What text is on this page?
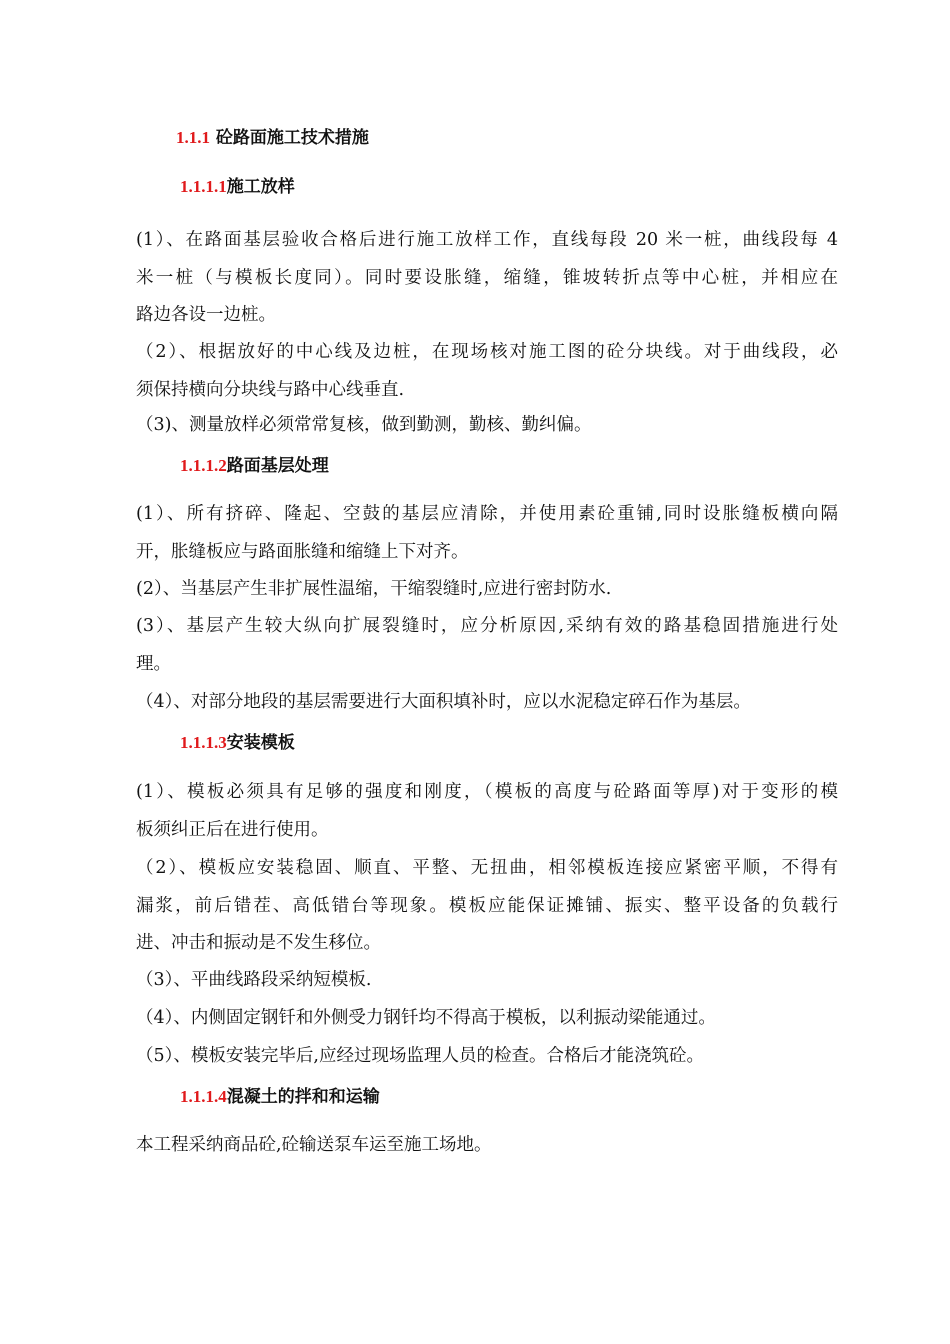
1.1.1 砼路面施工技术措施
1.1.1.1施工放样
(1）、在路面基层验收合格后进行施工放样工作，直线每段 20 米一桩，曲线段每 4
米一桩（与模板长度同）。同时要设胀缝，缩缝，锥坡转折点等中心桩，并相应在
路边各设一边桩。
（2）、根据放好的中心线及边桩，在现场核对施工图的砼分块线。对于曲线段，必
须保持横向分块线与路中心线垂直.
（3)、测量放样必须常常复核，做到勤测，勤核、勤纠偏。
1.1.1.2路面基层处理
(1）、所有挤碎、隆起、空鼓的基层应清除，并使用素砼重铺,同时设胀缝板横向隔
开，胀缝板应与路面胀缝和缩缝上下对齐。
(2）、当基层产生非扩展性温缩，干缩裂缝时,应进行密封防水.
(3）、基层产生较大纵向扩展裂缝时，应分析原因,采纳有效的路基稳固措施进行处
理。
（4）、对部分地段的基层需要进行大面积填补时，应以水泥稳定碎石作为基层。
1.1.1.3安装模板
(1）、模板必须具有足够的强度和刚度，（模板的高度与砼路面等厚)对于变形的模
板须纠正后在进行使用。
（2）、模板应安装稳固、顺直、平整、无扭曲，相邻模板连接应紧密平顺，不得有
漏浆，前后错茬、高低错台等现象。模板应能保证摊铺、振实、整平设备的负载行
进、冲击和振动是不发生移位。
（3）、平曲线路段采纳短模板.
（4）、内侧固定钢钎和外侧受力钢钎均不得高于模板，以利振动梁能通过。
（5）、模板安装完毕后,应经过现场监理人员的检查。合格后才能浇筑砼。
1.1.1.4混凝土的拌和和运输
本工程采纳商品砼,砼输送泵车运至施工场地。
